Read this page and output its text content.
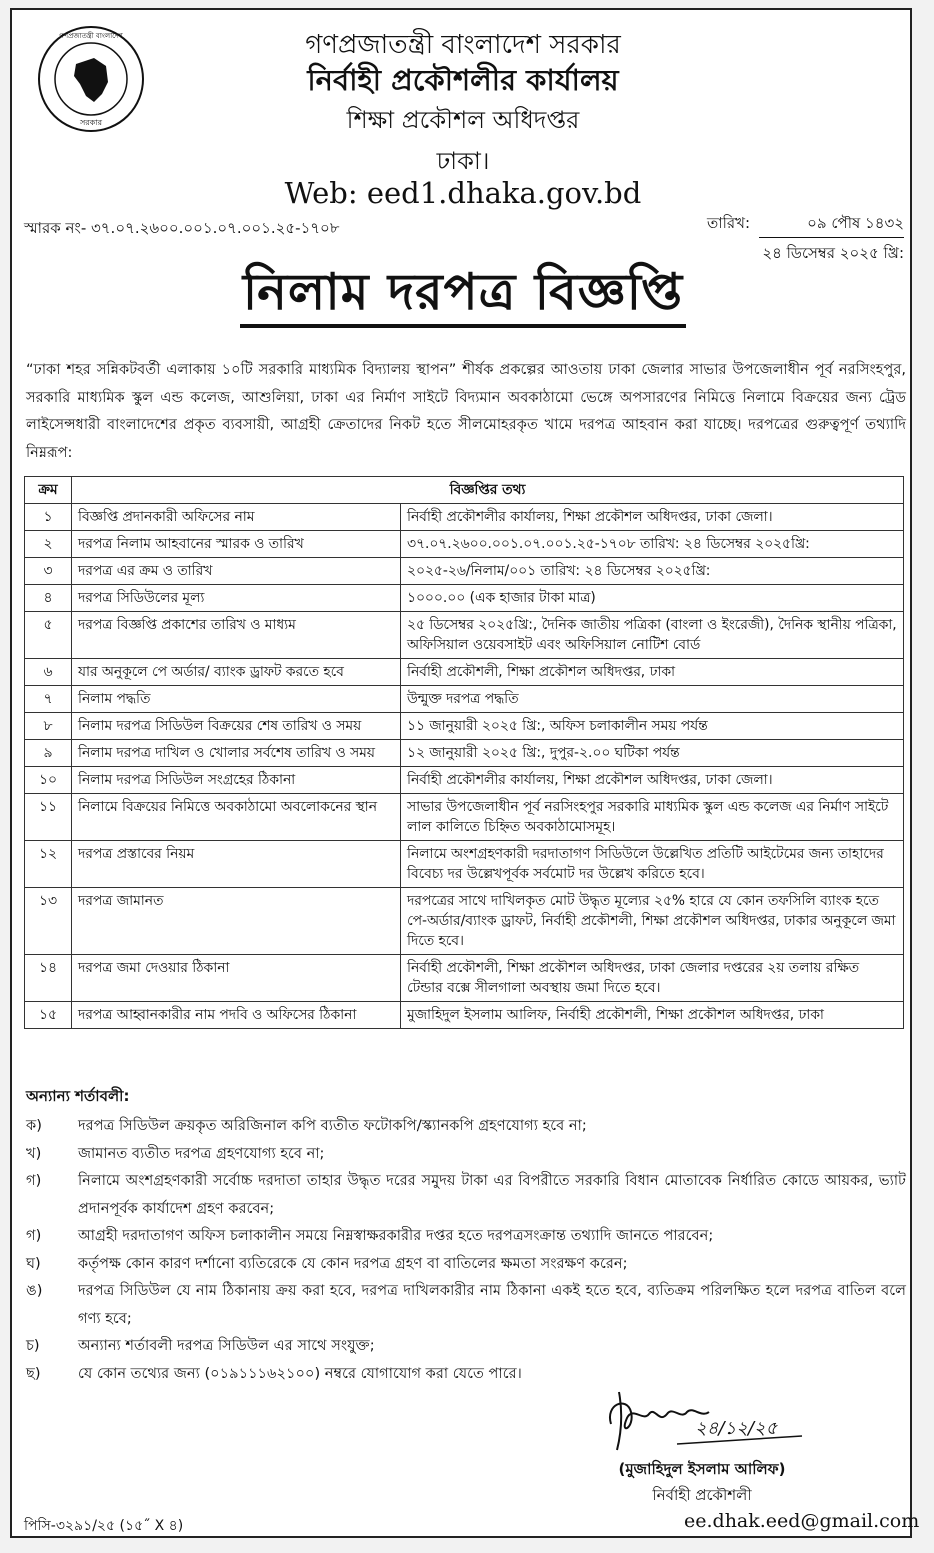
গণপ্রজাতন্ত্রী বাংলাদেশ
সরকার
গণপ্রজাতন্ত্রী বাংলাদেশ সরকার
নির্বাহী প্রকৌশলীর কার্যালয়
শিক্ষা প্রকৌশল অধিদপ্তর
ঢাকা।
Web: eed1.dhaka.gov.bd
স্মারক নং- ৩৭.০৭.২৬০০.০০১.০৭.০০১.২৫-১৭০৮	তারিখ:	০৯ পৌষ ১৪৩২
২৪ ডিসেম্বর ২০২৫ খ্রি:
নিলাম দরপত্র বিজ্ঞপ্তি
“ঢাকা শহর সন্নিকটবর্তী এলাকায় ১০টি সরকারি মাধ্যমিক বিদ্যালয় স্থাপন” শীর্ষক প্রকল্পের আওতায় ঢাকা জেলার সাভার উপজেলাধীন পূর্ব নরসিংহপুর, সরকারি মাধ্যমিক স্কুল এন্ড কলেজ, আশুলিয়া, ঢাকা এর নির্মাণ সাইটে বিদ্যমান অবকাঠামো ভেঙ্গে অপসারণের নিমিত্তে নিলামে বিক্রয়ের জন্য ট্রেড লাইসেন্সধারী বাংলাদেশের প্রকৃত ব্যবসায়ী, আগ্রহী ক্রেতাদের নিকট হতে সীলমোহরকৃত খামে দরপত্র আহবান করা যাচ্ছে। দরপত্রের গুরুত্বপূর্ণ তথ্যাদি নিম্নরূপ:
ক্রম	বিজ্ঞপ্তির তথ্য	
১	বিজ্ঞপ্তি প্রদানকারী অফিসের নাম	নির্বাহী প্রকৌশলীর কার্যালয়, শিক্ষা প্রকৌশল অধিদপ্তর, ঢাকা জেলা।
২	দরপত্র নিলাম আহবানের স্মারক ও তারিখ	৩৭.০৭.২৬০০.০০১.০৭.০০১.২৫-১৭০৮ তারিখ: ২৪ ডিসেম্বর ২০২৫খ্রি:
৩	দরপত্র এর ক্রম ও তারিখ	২০২৫-২৬/নিলাম/০০১ তারিখ: ২৪ ডিসেম্বর ২০২৫খ্রি:
৪	দরপত্র সিডিউলের মূল্য	১০০০.০০ (এক হাজার টাকা মাত্র)
৫	দরপত্র বিজ্ঞপ্তি প্রকাশের তারিখ ও মাধ্যম	২৫ ডিসেম্বর ২০২৫খ্রি:, দৈনিক জাতীয় পত্রিকা (বাংলা ও ইংরেজী), দৈনিক স্থানীয় পত্রিকা, অফিসিয়াল ওয়েবসাইট এবং অফিসিয়াল নোটিশ বোর্ড
৬	যার অনুকূলে পে অর্ডার/ ব্যাংক ড্রাফট করতে হবে	নির্বাহী প্রকৌশলী, শিক্ষা প্রকৌশল অধিদপ্তর, ঢাকা
৭	নিলাম পদ্ধতি	উন্মুক্ত দরপত্র পদ্ধতি
৮	নিলাম দরপত্র সিডিউল বিক্রয়ের শেষ তারিখ ও সময়	১১ জানুয়ারী ২০২৫ খ্রি:, অফিস চলাকালীন সময় পর্যন্ত
৯	নিলাম দরপত্র দাখিল ও খোলার সর্বশেষ তারিখ ও সময়	১২ জানুয়ারী ২০২৫ খ্রি:, দুপুর-২.০০ ঘটিকা পর্যন্ত
১০	নিলাম দরপত্র সিডিউল সংগ্রহের ঠিকানা	নির্বাহী প্রকৌশলীর কার্যালয়, শিক্ষা প্রকৌশল অধিদপ্তর, ঢাকা জেলা।
১১	নিলামে বিক্রয়ের নিমিত্তে অবকাঠামো অবলোকনের স্থান	সাভার উপজেলাধীন পূর্ব নরসিংহপুর সরকারি মাধ্যমিক স্কুল এন্ড কলেজ এর নির্মাণ সাইটে লাল কালিতে চিহ্নিত অবকাঠামোসমূহ।
১২	দরপত্র প্রস্তাবের নিয়ম	নিলামে অংশগ্রহণকারী দরদাতাগণ সিডিউলে উল্লেখিত প্রতিটি আইটেমের জন্য তাহাদের বিবেচ্য দর উল্লেখপূর্বক সর্বমোট দর উল্লেখ করিতে হবে।
১৩	দরপত্র জামানত	দরপত্রের সাথে দাখিলকৃত মোট উদ্ধৃত মূল্যের ২৫% হারে যে কোন তফসিলি ব্যাংক হতে পে-অর্ডার/ব্যাংক ড্রাফট, নির্বাহী প্রকৌশলী, শিক্ষা প্রকৌশল অধিদপ্তর, ঢাকার অনুকূলে জমা দিতে হবে।
১৪	দরপত্র জমা দেওয়ার ঠিকানা	নির্বাহী প্রকৌশলী, শিক্ষা প্রকৌশল অধিদপ্তর, ঢাকা জেলার দপ্তরের ২য় তলায় রক্ষিত টেন্ডার বক্সে সীলগালা অবস্থায় জমা দিতে হবে।
১৫	দরপত্র আহ্বানকারীর নাম পদবি ও অফিসের ঠিকানা	মুজাহিদুল ইসলাম আলিফ, নির্বাহী প্রকৌশলী, শিক্ষা প্রকৌশল অধিদপ্তর, ঢাকা
অন্যান্য শর্তাবলী:
ক)	দরপত্র সিডিউল ক্রয়কৃত অরিজিনাল কপি ব্যতীত ফটোকপি/স্ক্যানকপি গ্রহণযোগ্য হবে না;
খ)	জামানত ব্যতীত দরপত্র গ্রহণযোগ্য হবে না;
গ)	নিলামে অংশগ্রহণকারী সর্বোচ্চ দরদাতা তাহার উদ্ধৃত দরের সমুদয় টাকা এর বিপরীতে সরকারি বিধান মোতাবেক নির্ধারিত কোডে আয়কর, ভ্যাট প্রদানপূর্বক কার্যাদেশ গ্রহণ করবেন;
গ)	আগ্রহী দরদাতাগণ অফিস চলাকালীন সময়ে নিম্নস্বাক্ষরকারীর দপ্তর হতে দরপত্রসংক্রান্ত তথ্যাদি জানতে পারবেন;
ঘ)	কর্তৃপক্ষ কোন কারণ দর্শানো ব্যতিরেকে যে কোন দরপত্র গ্রহণ বা বাতিলের ক্ষমতা সংরক্ষণ করেন;
ঙ)	দরপত্র সিডিউল যে নাম ঠিকানায় ক্রয় করা হবে, দরপত্র দাখিলকারীর নাম ঠিকানা একই হতে হবে, ব্যতিক্রম পরিলক্ষিত হলে দরপত্র বাতিল বলে গণ্য হবে;
চ)	অন্যান্য শর্তাবলী দরপত্র সিডিউল এর সাথে সংযুক্ত;
ছ)	যে কোন তথ্যের জন্য (০১৯১১১৬২১০০) নম্বরে যোগাযোগ করা যেতে পারে।
২৪/১২/২৫
(মুজাহিদুল ইসলাম আলিফ)
নির্বাহী প্রকৌশলী
ee.dhak.eed@gmail.com
পিসি-৩২৯১/২৫ (১৫˝ X ৪)
